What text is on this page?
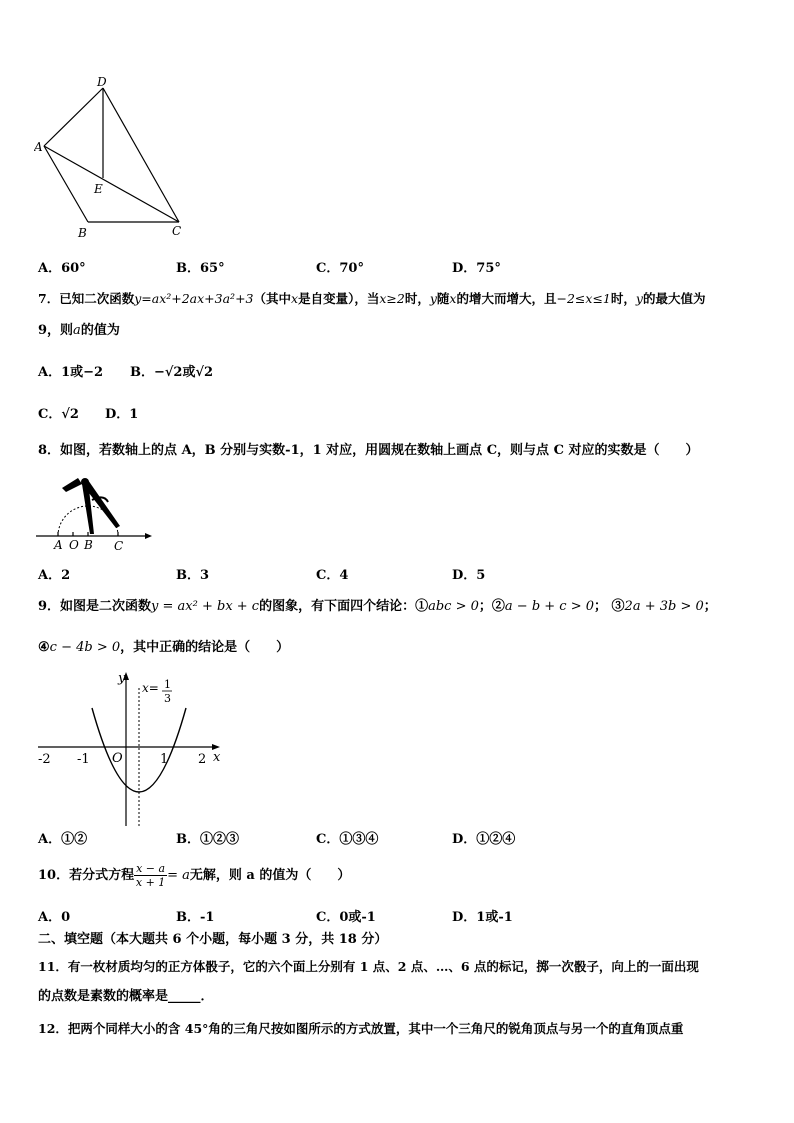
D
A
E
B	C
A．60°	B．65°	C．70°	D．75°
7．已知二次函数y=ax²+2ax+3a²+3（其中x是自变量），当x≥2时，y随x的增大而增大，且−2≤x≤1时，y的最大值为
9，则a的值为
A．1或−2 B．−√2或√2
C．√2 D．1
8．如图，若数轴上的点 A，B 分别与实数-1，1 对应，用圆规在数轴上画点 C，则与点 C 对应的实数是（　　）
A O B C
A．2	B．3	C．4	D．5
9．如图是二次函数y = ax² + bx + c的图象，有下面四个结论：①abc > 0；②a − b + c > 0； ③2a + 3b > 0；
④c − 4b > 0，其中正确的结论是（　　）
y
x
O
-2 -1	1 2
x= 1
3
A．①②	B．①②③	C．①③④	D．①②④
10．若分式方程 $\frac{x - a}{x + 1} = a$无解，则 a 的值为（　　）
A．0	B．-1	C．0或-1	D．1或-1
二、填空题（本大题共 6 个小题，每小题 3 分，共 18 分）
11．有一枚材质均匀的正方体骰子，它的六个面上分别有 1 点、2 点、…、6 点的标记，掷一次骰子，向上的一面出现
的点数是素数的概率是_____．
12．把两个同样大小的含 45°角的三角尺按如图所示的方式放置，其中一个三角尺的锐角顶点与另一个的直角顶点重
